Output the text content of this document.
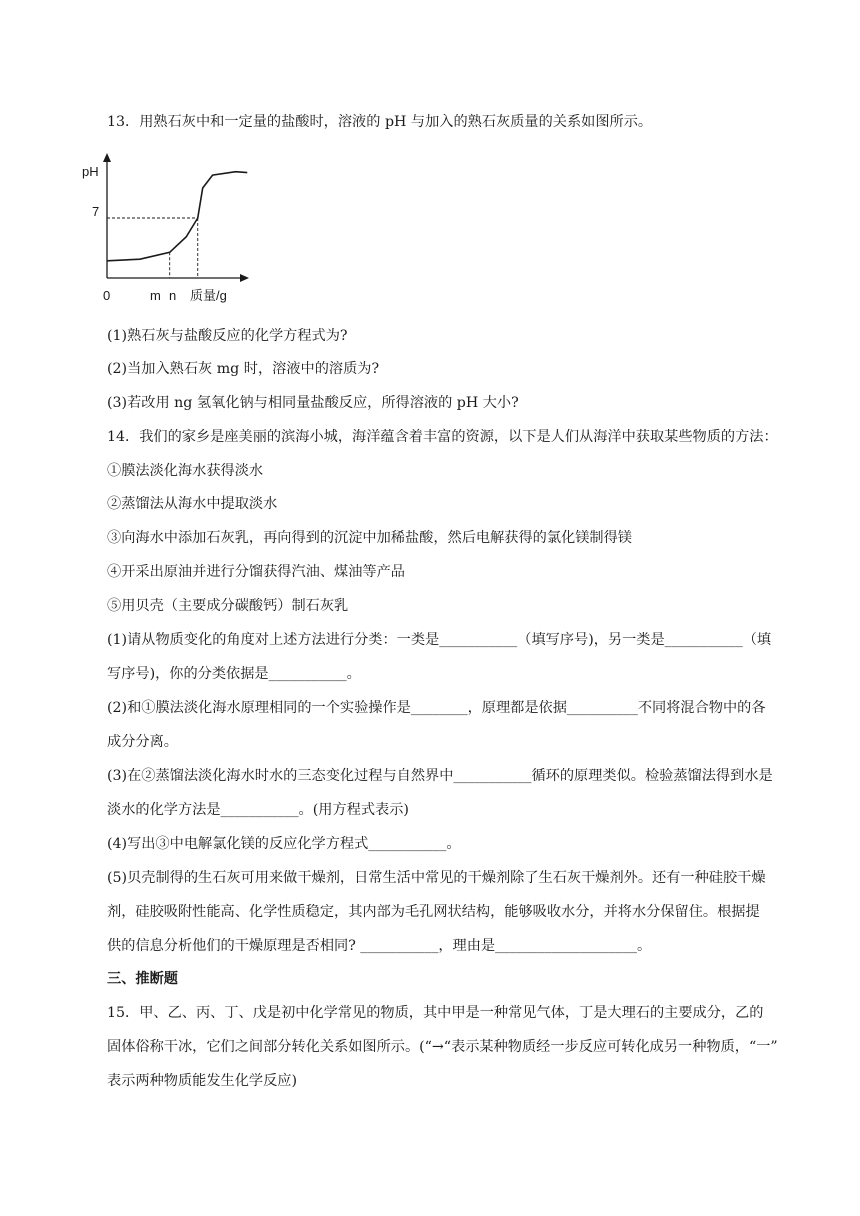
13．用熟石灰中和一定量的盐酸时，溶液的 pH 与加入的熟石灰质量的关系如图所示。
pH
7
0	m n 质量/g
(1)熟石灰与盐酸反应的化学方程式为?
(2)当加入熟石灰 mg 时，溶液中的溶质为?
(3)若改用 ng 氢氧化钠与相同量盐酸反应，所得溶液的 pH 大小?
14．我们的家乡是座美丽的滨海小城，海洋蕴含着丰富的资源，以下是人们从海洋中获取某些物质的方法：
①膜法淡化海水获得淡水
②蒸馏法从海水中提取淡水
③向海水中添加石灰乳，再向得到的沉淀中加稀盐酸，然后电解获得的氯化镁制得镁
④开采出原油并进行分馏获得汽油、煤油等产品
⑤用贝壳（主要成分碳酸钙）制石灰乳
(1)请从物质变化的角度对上述方法进行分类：一类是___________（填写序号)，另一类是___________（填
写序号)，你的分类依据是___________。
(2)和①膜法淡化海水原理相同的一个实验操作是________，原理都是依据__________不同将混合物中的各
成分分离。
(3)在②蒸馏法淡化海水时水的三态变化过程与自然界中___________循环的原理类似。检验蒸馏法得到水是
淡水的化学方法是___________。(用方程式表示)
(4)写出③中电解氯化镁的反应化学方程式___________。
(5)贝壳制得的生石灰可用来做干燥剂，日常生活中常见的干燥剂除了生石灰干燥剂外。还有一种硅胶干燥
剂，硅胶吸附性能高、化学性质稳定，其内部为毛孔网状结构，能够吸收水分，并将水分保留住。根据提
供的信息分析他们的干燥原理是否相同? ___________，理由是____________________。
三、推断题
15．甲、乙、丙、丁、戊是初中化学常见的物质，其中甲是一种常见气体，丁是大理石的主要成分，乙的
固体俗称干冰，它们之间部分转化关系如图所示。(“→“表示某种物质经一步反应可转化成另一种物质，“一”
表示两种物质能发生化学反应)
